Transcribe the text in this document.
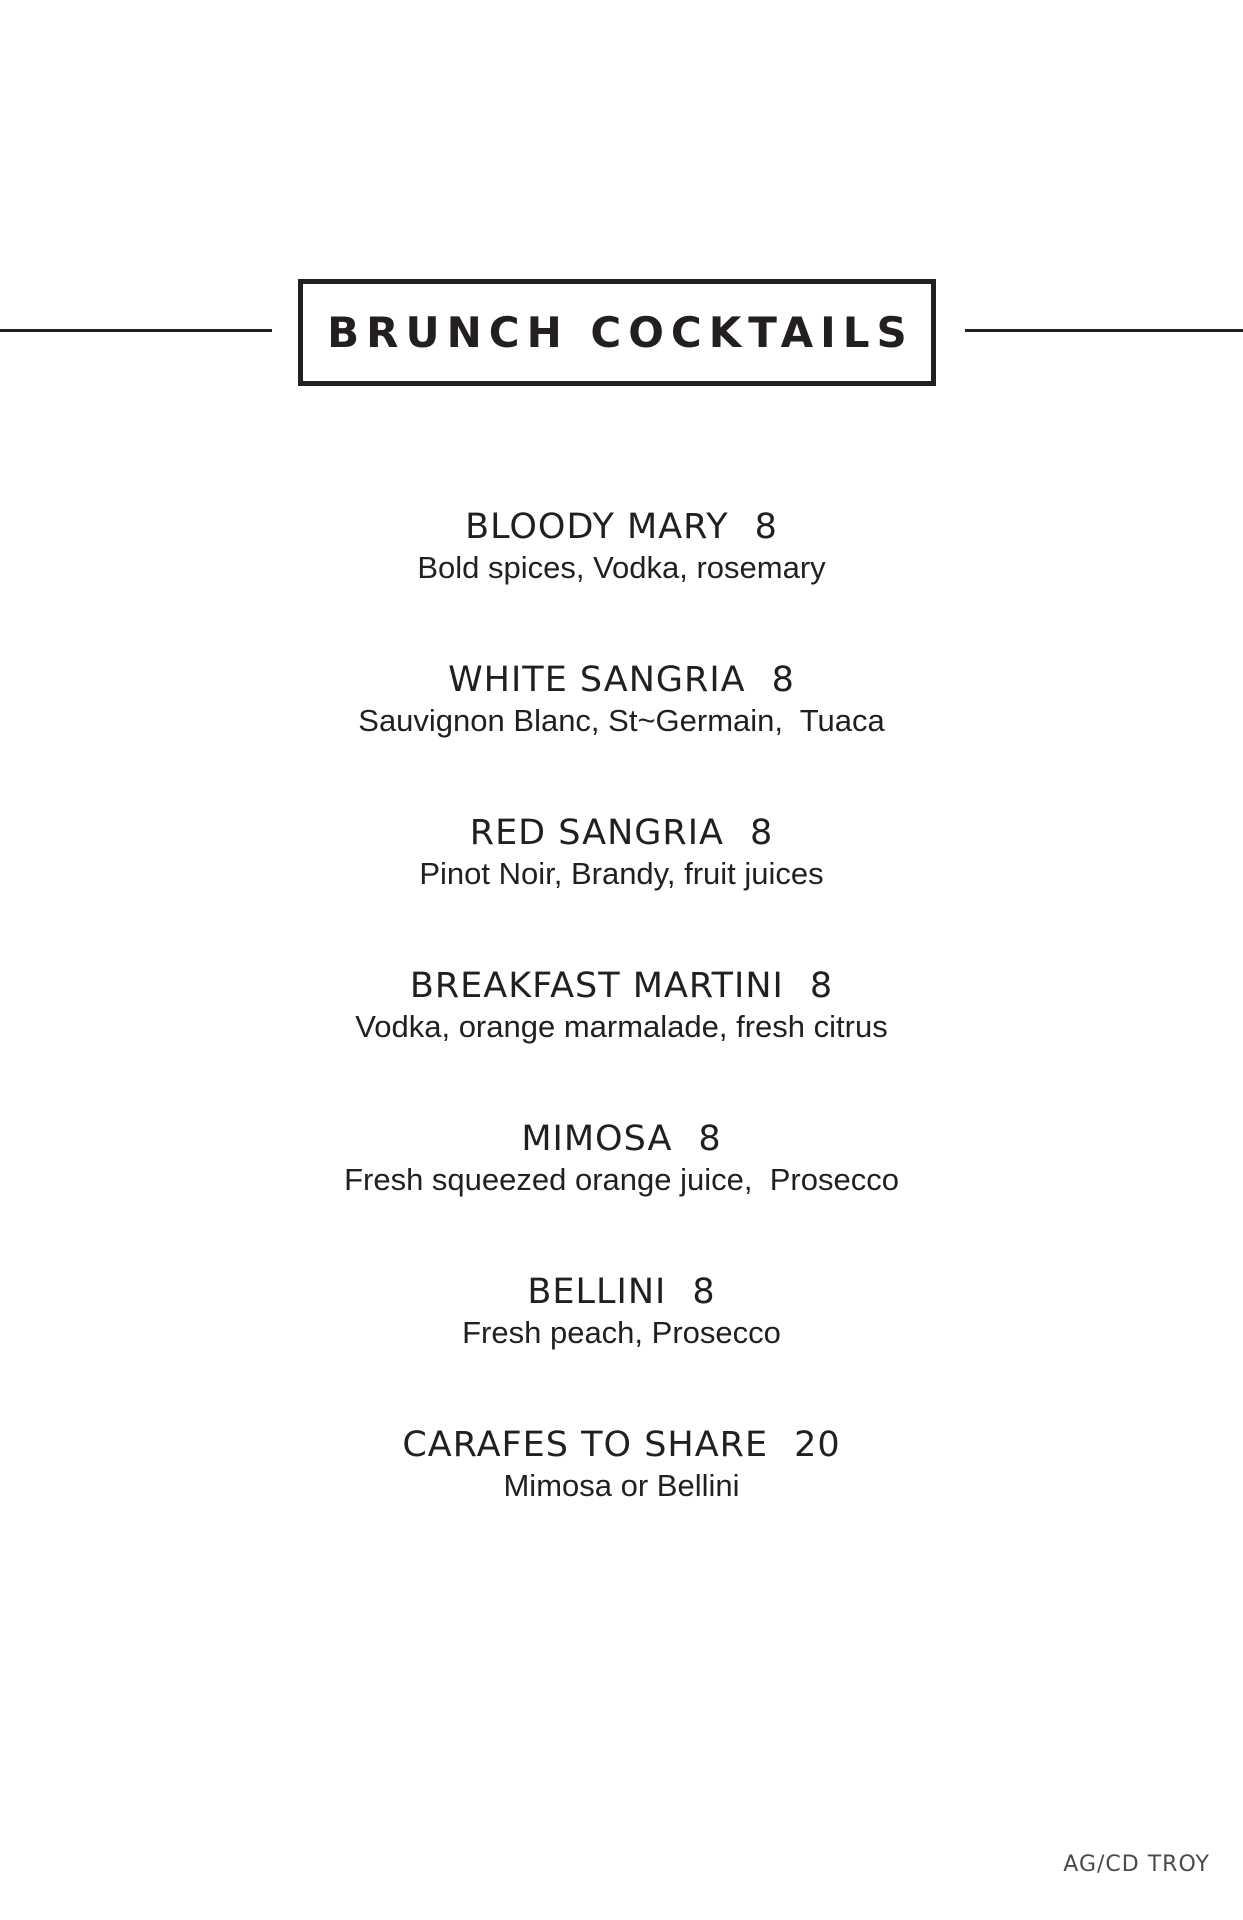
BRUNCH COCKTAILS
BLOODY MARY 8
Bold spices, Vodka, rosemary
WHITE SANGRIA 8
Sauvignon Blanc, St~Germain,  Tuaca
RED SANGRIA 8
Pinot Noir, Brandy, fruit juices
BREAKFAST MARTINI 8
Vodka, orange marmalade, fresh citrus
MIMOSA 8
Fresh squeezed orange juice,  Prosecco
BELLINI 8
Fresh peach, Prosecco
CARAFES TO SHARE 20
Mimosa or Bellini
AG/CD TROY
